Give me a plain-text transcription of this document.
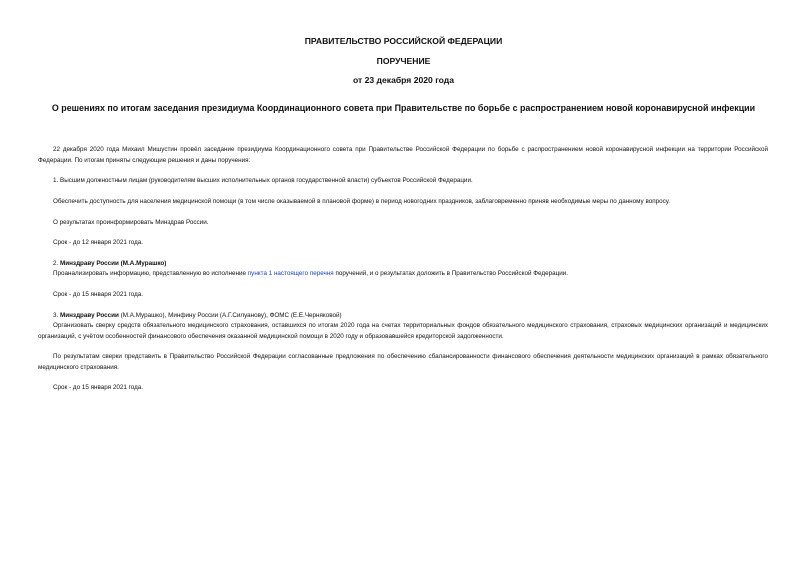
ПРАВИТЕЛЬСТВО РОССИЙСКОЙ ФЕДЕРАЦИИ
ПОРУЧЕНИЕ
от 23 декабря 2020 года
О решениях по итогам заседания президиума Координационного совета при Правительстве по борьбе с распространением новой коронавирусной инфекции
22 декабря 2020 года Михаил Мишустин провёл заседание президиума Координационного совета при Правительстве Российской Федерации по борьбе с распространением новой коронавирусной инфекции на территории Российской Федерации. По итогам приняты следующие решения и даны поручения:
1. Высшим должностным лицам (руководителям высших исполнительных органов государственной власти) субъектов Российской Федерации.
Обеспечить доступность для населения медицинской помощи (в том числе оказываемой в плановой форме) в период новогодних праздников, заблаговременно приняв необходимые меры по данному вопросу.
О результатах проинформировать Минздрав России.
Срок - до 12 января 2021 года.
2. Минздраву России (М.А.Мурашко)
Проанализировать информацию, представленную во исполнение пункта 1 настоящего перечня поручений, и о результатах доложить в Правительство Российской Федерации.
Срок - до 15 января 2021 года.
3. Минздраву России (М.А.Мурашко), Минфину России (А.Г.Силуанову), ФОМС (Е.Е.Черняковой)
Организовать сверку средств обязательного медицинского страхования, оставшихся по итогам 2020 года на счетах территориальных фондов обязательного медицинского страхования, страховых медицинских организаций и медицинских организаций, с учётом особенностей финансового обеспечения оказанной медицинской помощи в 2020 году и образовавшейся кредиторской задолженности.
По результатам сверки представить в Правительство Российской Федерации согласованные предложения по обеспечению сбалансированности финансового обеспечения деятельности медицинских организаций в рамках обязательного медицинского страхования.
Срок - до 15 января 2021 года.
